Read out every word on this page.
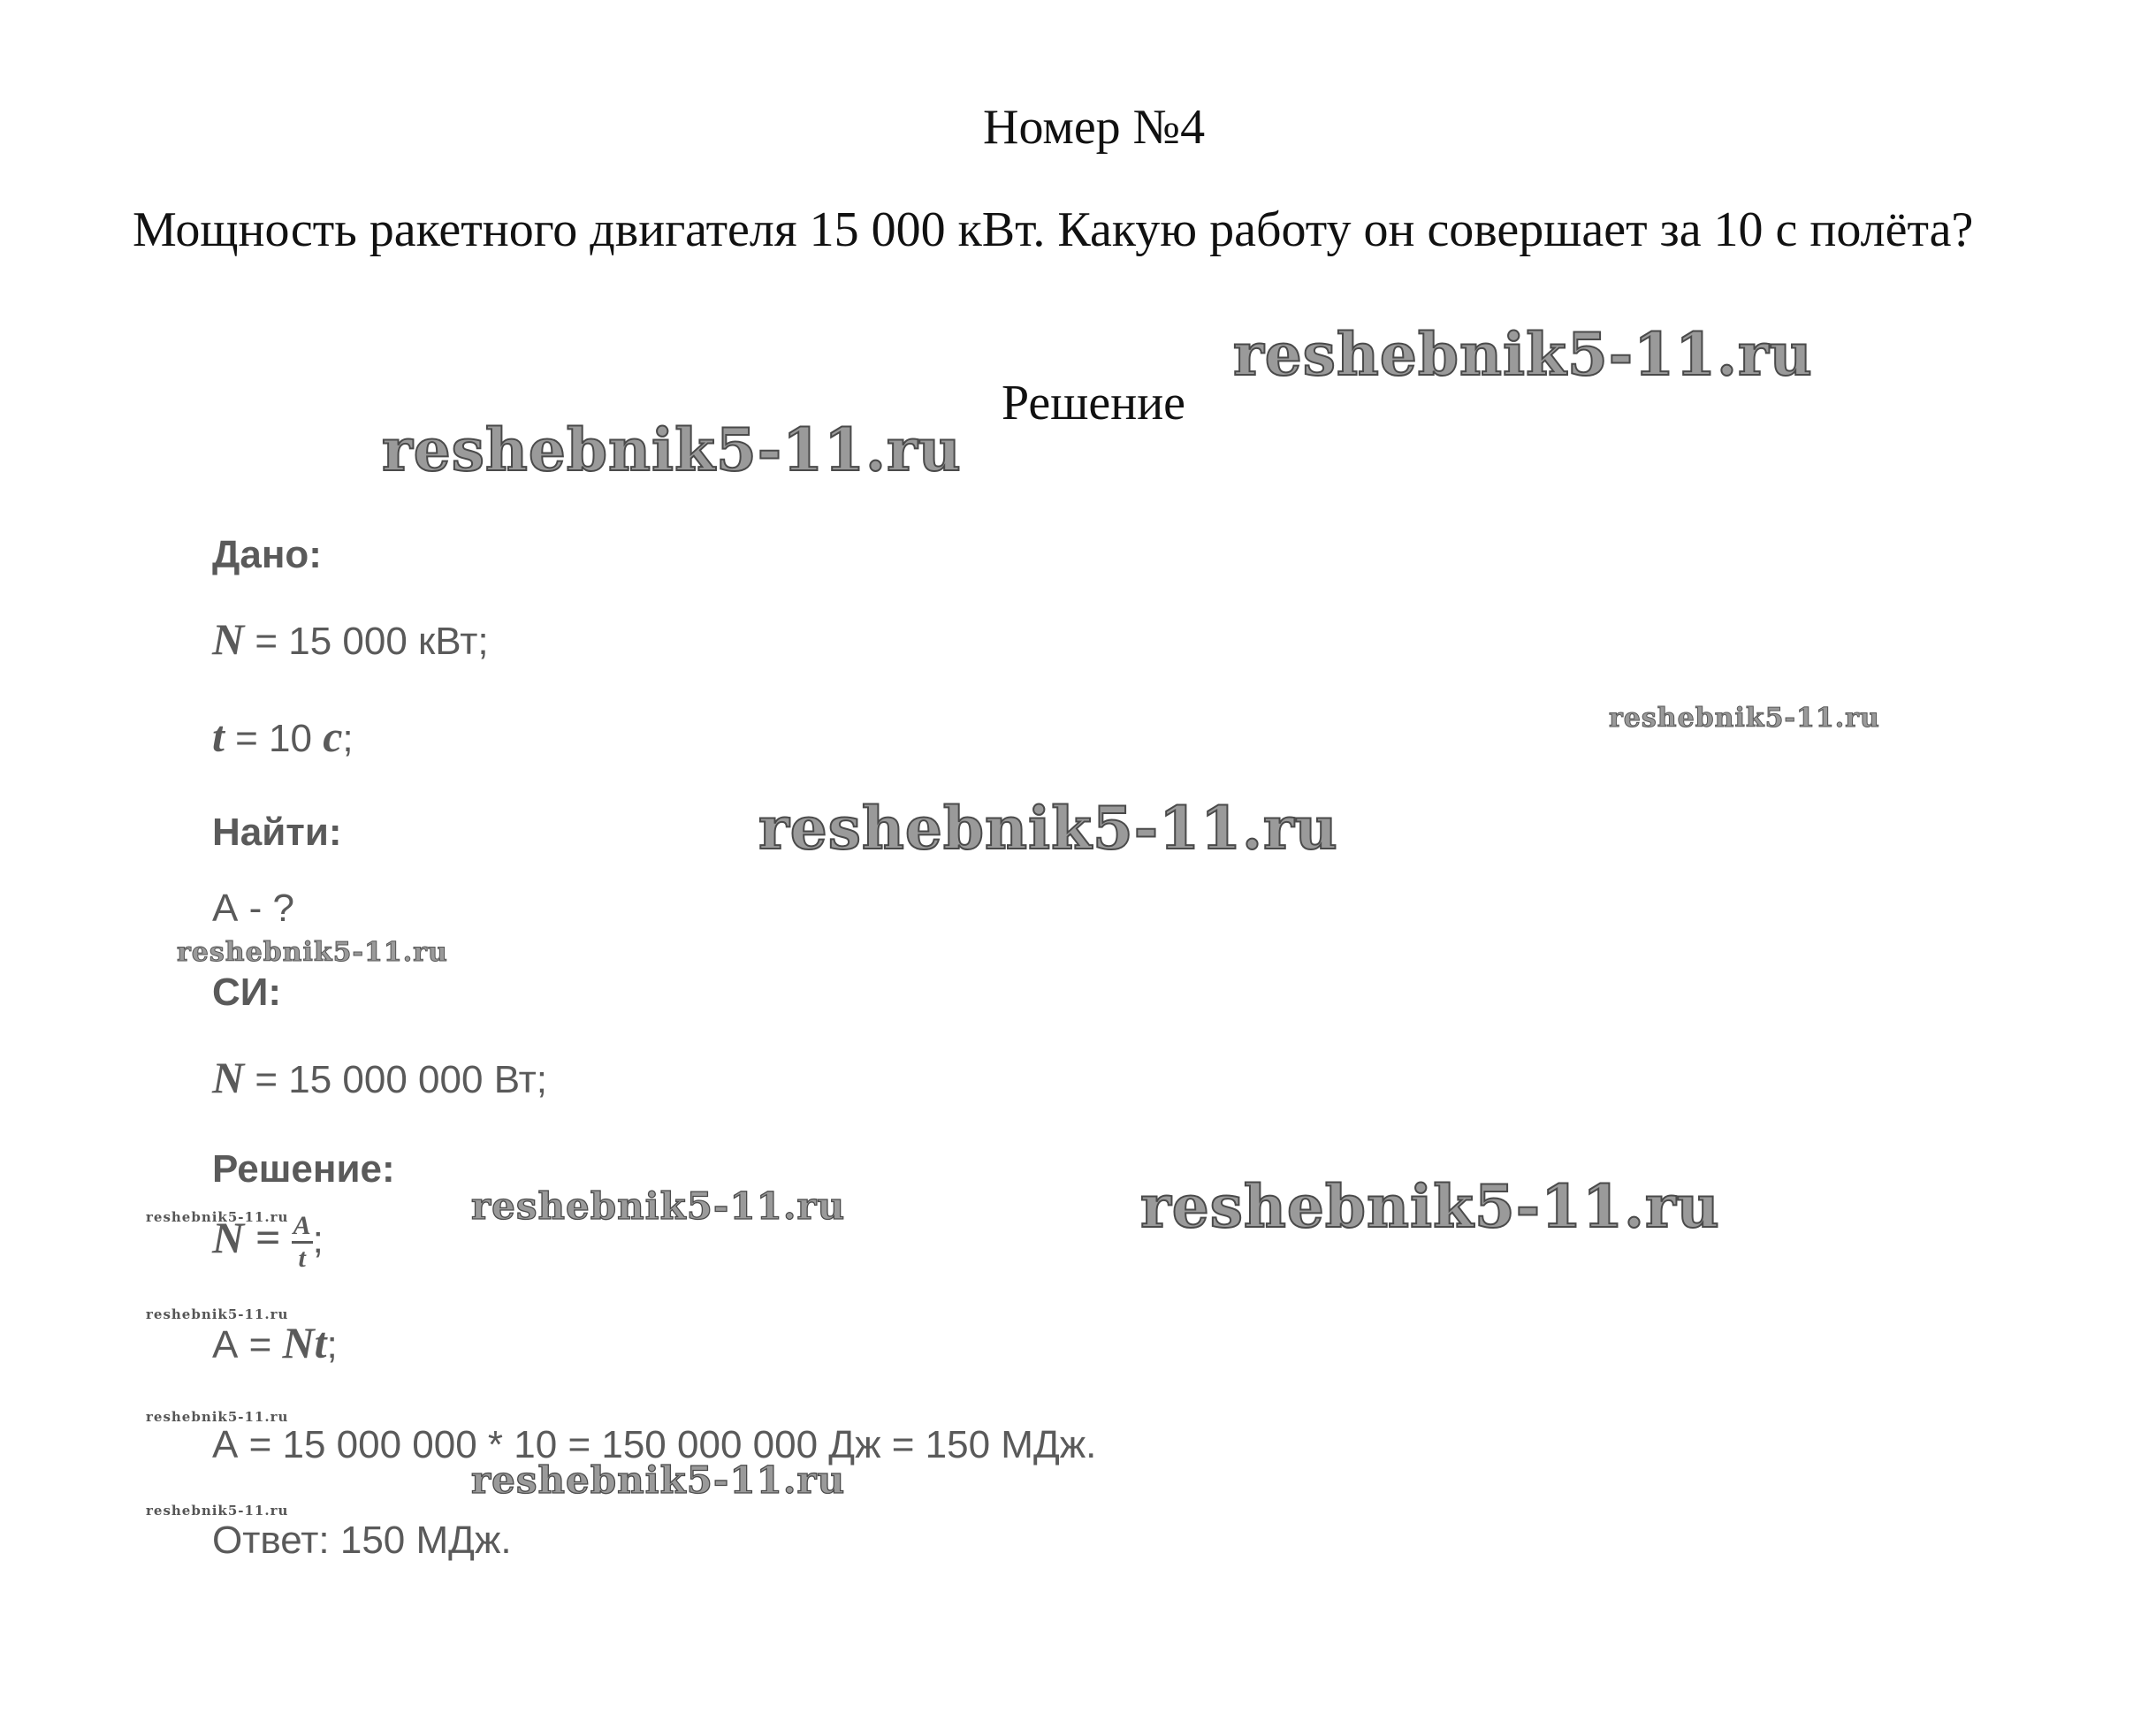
Номер №4
Мощность ракетного двигателя 15 000 кВт. Какую работу он совершает за 10 с полёта?
Решение
Дано:
N = 15 000 кВт;
t = 10 c;
Найти:
А - ?
СИ:
N = 15 000 000 Вт;
Решение:
$N = \frac{A}{t}$ ;
А = Nt;
А = 15 000 000 * 10 = 150 000 000 Дж = 150 МДж.
Ответ: 150 МДж.
reshebnik5-11.ru
reshebnik5-11.ru
reshebnik5-11.ru
reshebnik5-11.ru
reshebnik5-11.ru
reshebnik5-11.ru	reshebnik5-11.ru
reshebnik5-11.ru
reshebnik5-11.ru
reshebnik5-11.ru
reshebnik5-11.ru
reshebnik5-11.ru
